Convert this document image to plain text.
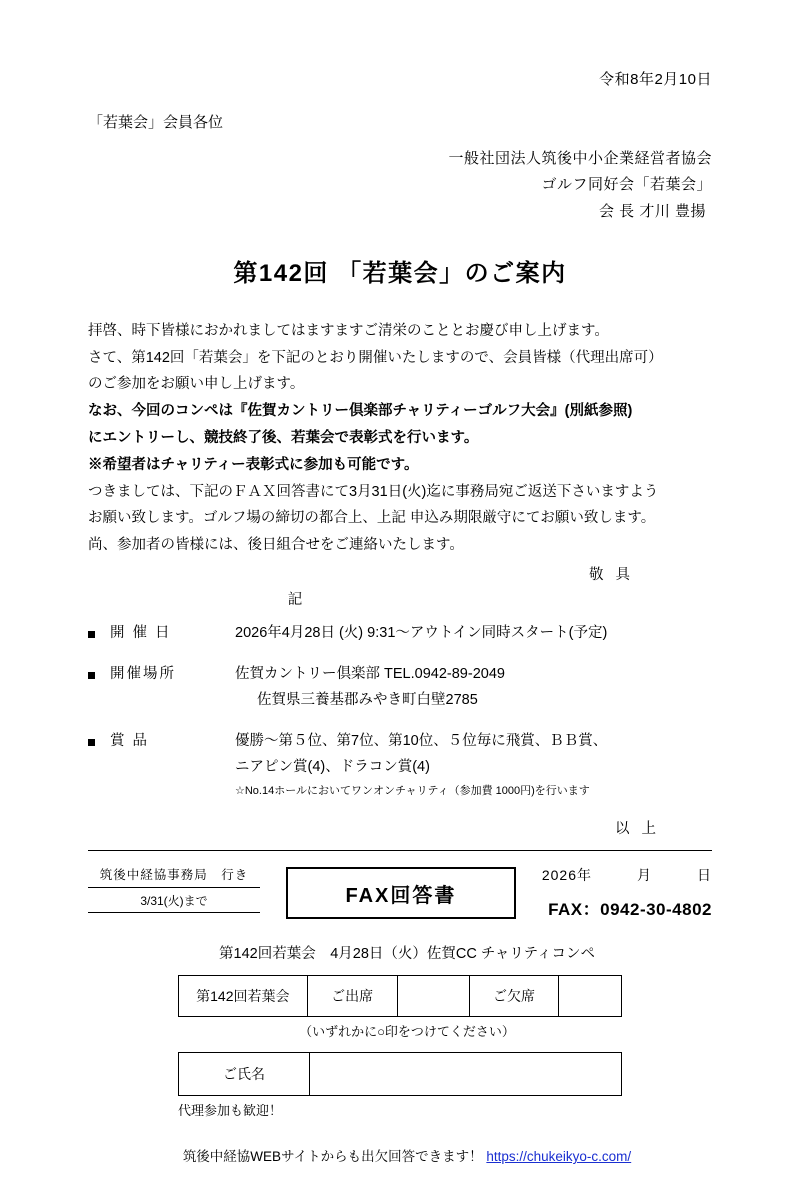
令和8年2月10日
「若葉会」会員各位
一般社団法人筑後中小企業経営者協会
ゴルフ同好会「若葉会」
会 長 才川 豊揚
第142回 「若葉会」のご案内
拝啓、時下皆様におかれましてはますますご清栄のこととお慶び申し上げます。
さて、第142回「若葉会」を下記のとおり開催いたしますので、会員皆様（代理出席可）
のご参加をお願い申し上げます。
なお、今回のコンペは『佐賀カントリー倶楽部チャリティーゴルフ大会』(別紙参照)
にエントリーし、競技終了後、若葉会で表彰式を行います。
※希望者はチャリティー表彰式に参加も可能です。
つきましては、下記のＦＡＸ回答書にて3月31日(火)迄に事務局宛ご返送下さいますよう
お願い致します。ゴルフ場の締切の都合上、上記 申込み期限厳守にてお願い致します。
尚、参加者の皆様には、後日組合せをご連絡いたします。
敬 具
記
開 催 日	2026年4月28日 (火) 9:31〜アウトイン同時スタート(予定)
開催場所	佐賀カントリー倶楽部 TEL.0942-89-2049
佐賀県三養基郡みやき町白壁2785
賞 品	優勝〜第５位、第7位、第10位、５位毎に飛賞、ＢＢ賞、
ニアピン賞(4)、ドラコン賞(4)
☆No.14ホールにおいてワンオンチャリティ（参加費 1000円)を行います
以 上
筑後中経協事務局　行き
3/31(火)まで	FAX回答書
2026年　　　月　　　日
FAX：0942-30-4802
第142回若葉会　4月28日（火）佐賀CC チャリティコンペ
第142回若葉会	ご出席		ご欠席	
（いずれかに○印をつけてください）
ご氏名	
代理参加も歓迎！
筑後中経協WEBサイトからも出欠回答できます！ https://chukeikyo-c.com/
